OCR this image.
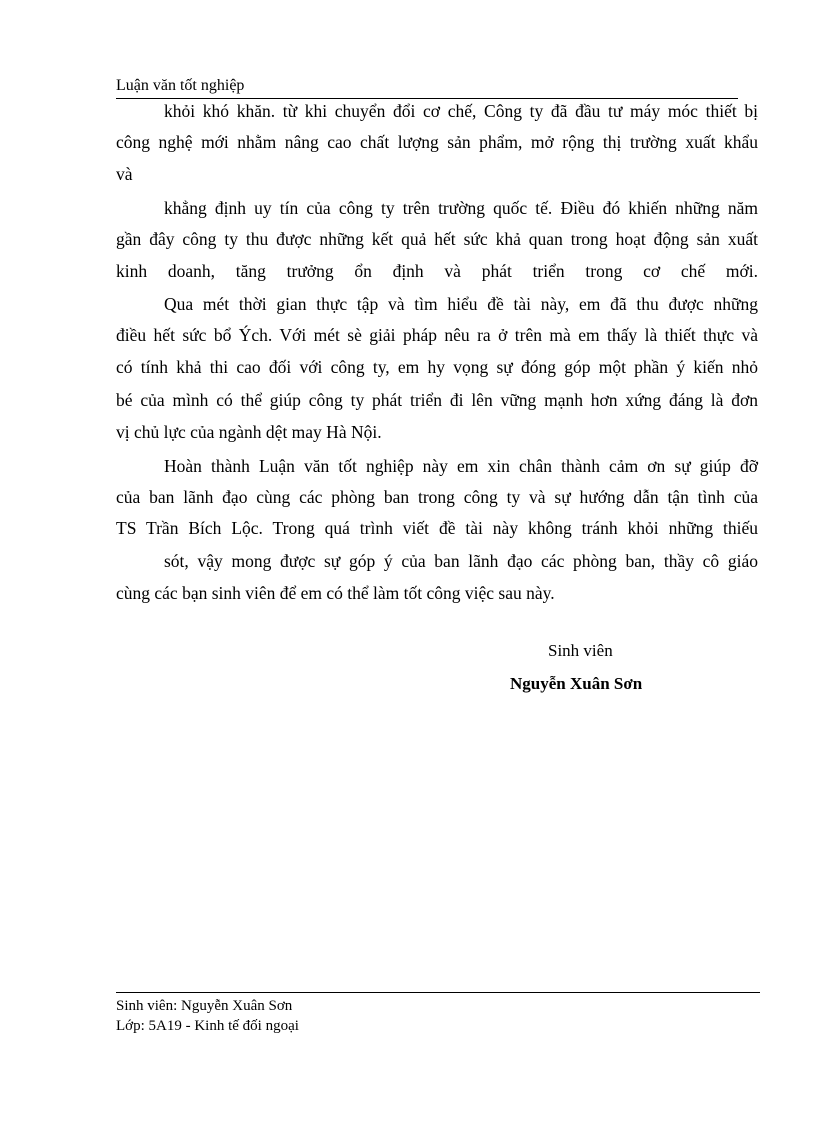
Luận văn tốt nghiệp
khỏi khó khăn. từ khi chuyển đổi cơ chế, Công ty đã đầu tư máy móc thiết bị
công nghệ mới nhằm nâng cao chất lượng sản phẩm, mở rộng thị trường xuất khẩu
và
khẳng định uy tín của công ty trên trường quốc tế. Điều đó khiến những năm
gần đây công ty thu được những kết quả hết sức khả quan trong hoạt động sản xuất
kinh doanh, tăng trưởng ổn định và phát triển trong cơ chế mới.
Qua mét thời gian thực tập và tìm hiểu đề tài này, em đã thu được những
điều hết sức bổ Ých. Với mét sè giải pháp nêu ra ở trên mà em thấy là thiết thực và
có tính khả thi cao đối với công ty, em hy vọng sự đóng góp một phần ý kiến nhỏ
bé của mình có thể giúp công ty phát triển đi lên vững mạnh hơn xứng đáng là đơn
vị chủ lực của ngành dệt may Hà Nội.
Hoàn thành Luận văn tốt nghiệp này em xin chân thành cảm ơn sự giúp đỡ
của ban lãnh đạo cùng các phòng ban trong công ty và sự hướng dẫn tận tình của
TS Trần Bích Lộc. Trong quá trình viết đề tài này không tránh khỏi những thiếu
sót, vậy mong được sự góp ý của ban lãnh đạo các phòng ban, thầy cô giáo
cùng các bạn sinh viên để em có thể làm tốt công việc sau này.
Sinh viên
Nguyễn Xuân Sơn
Sinh viên: Nguyễn Xuân Sơn
Lớp: 5A19 - Kinh tế đối ngoại
